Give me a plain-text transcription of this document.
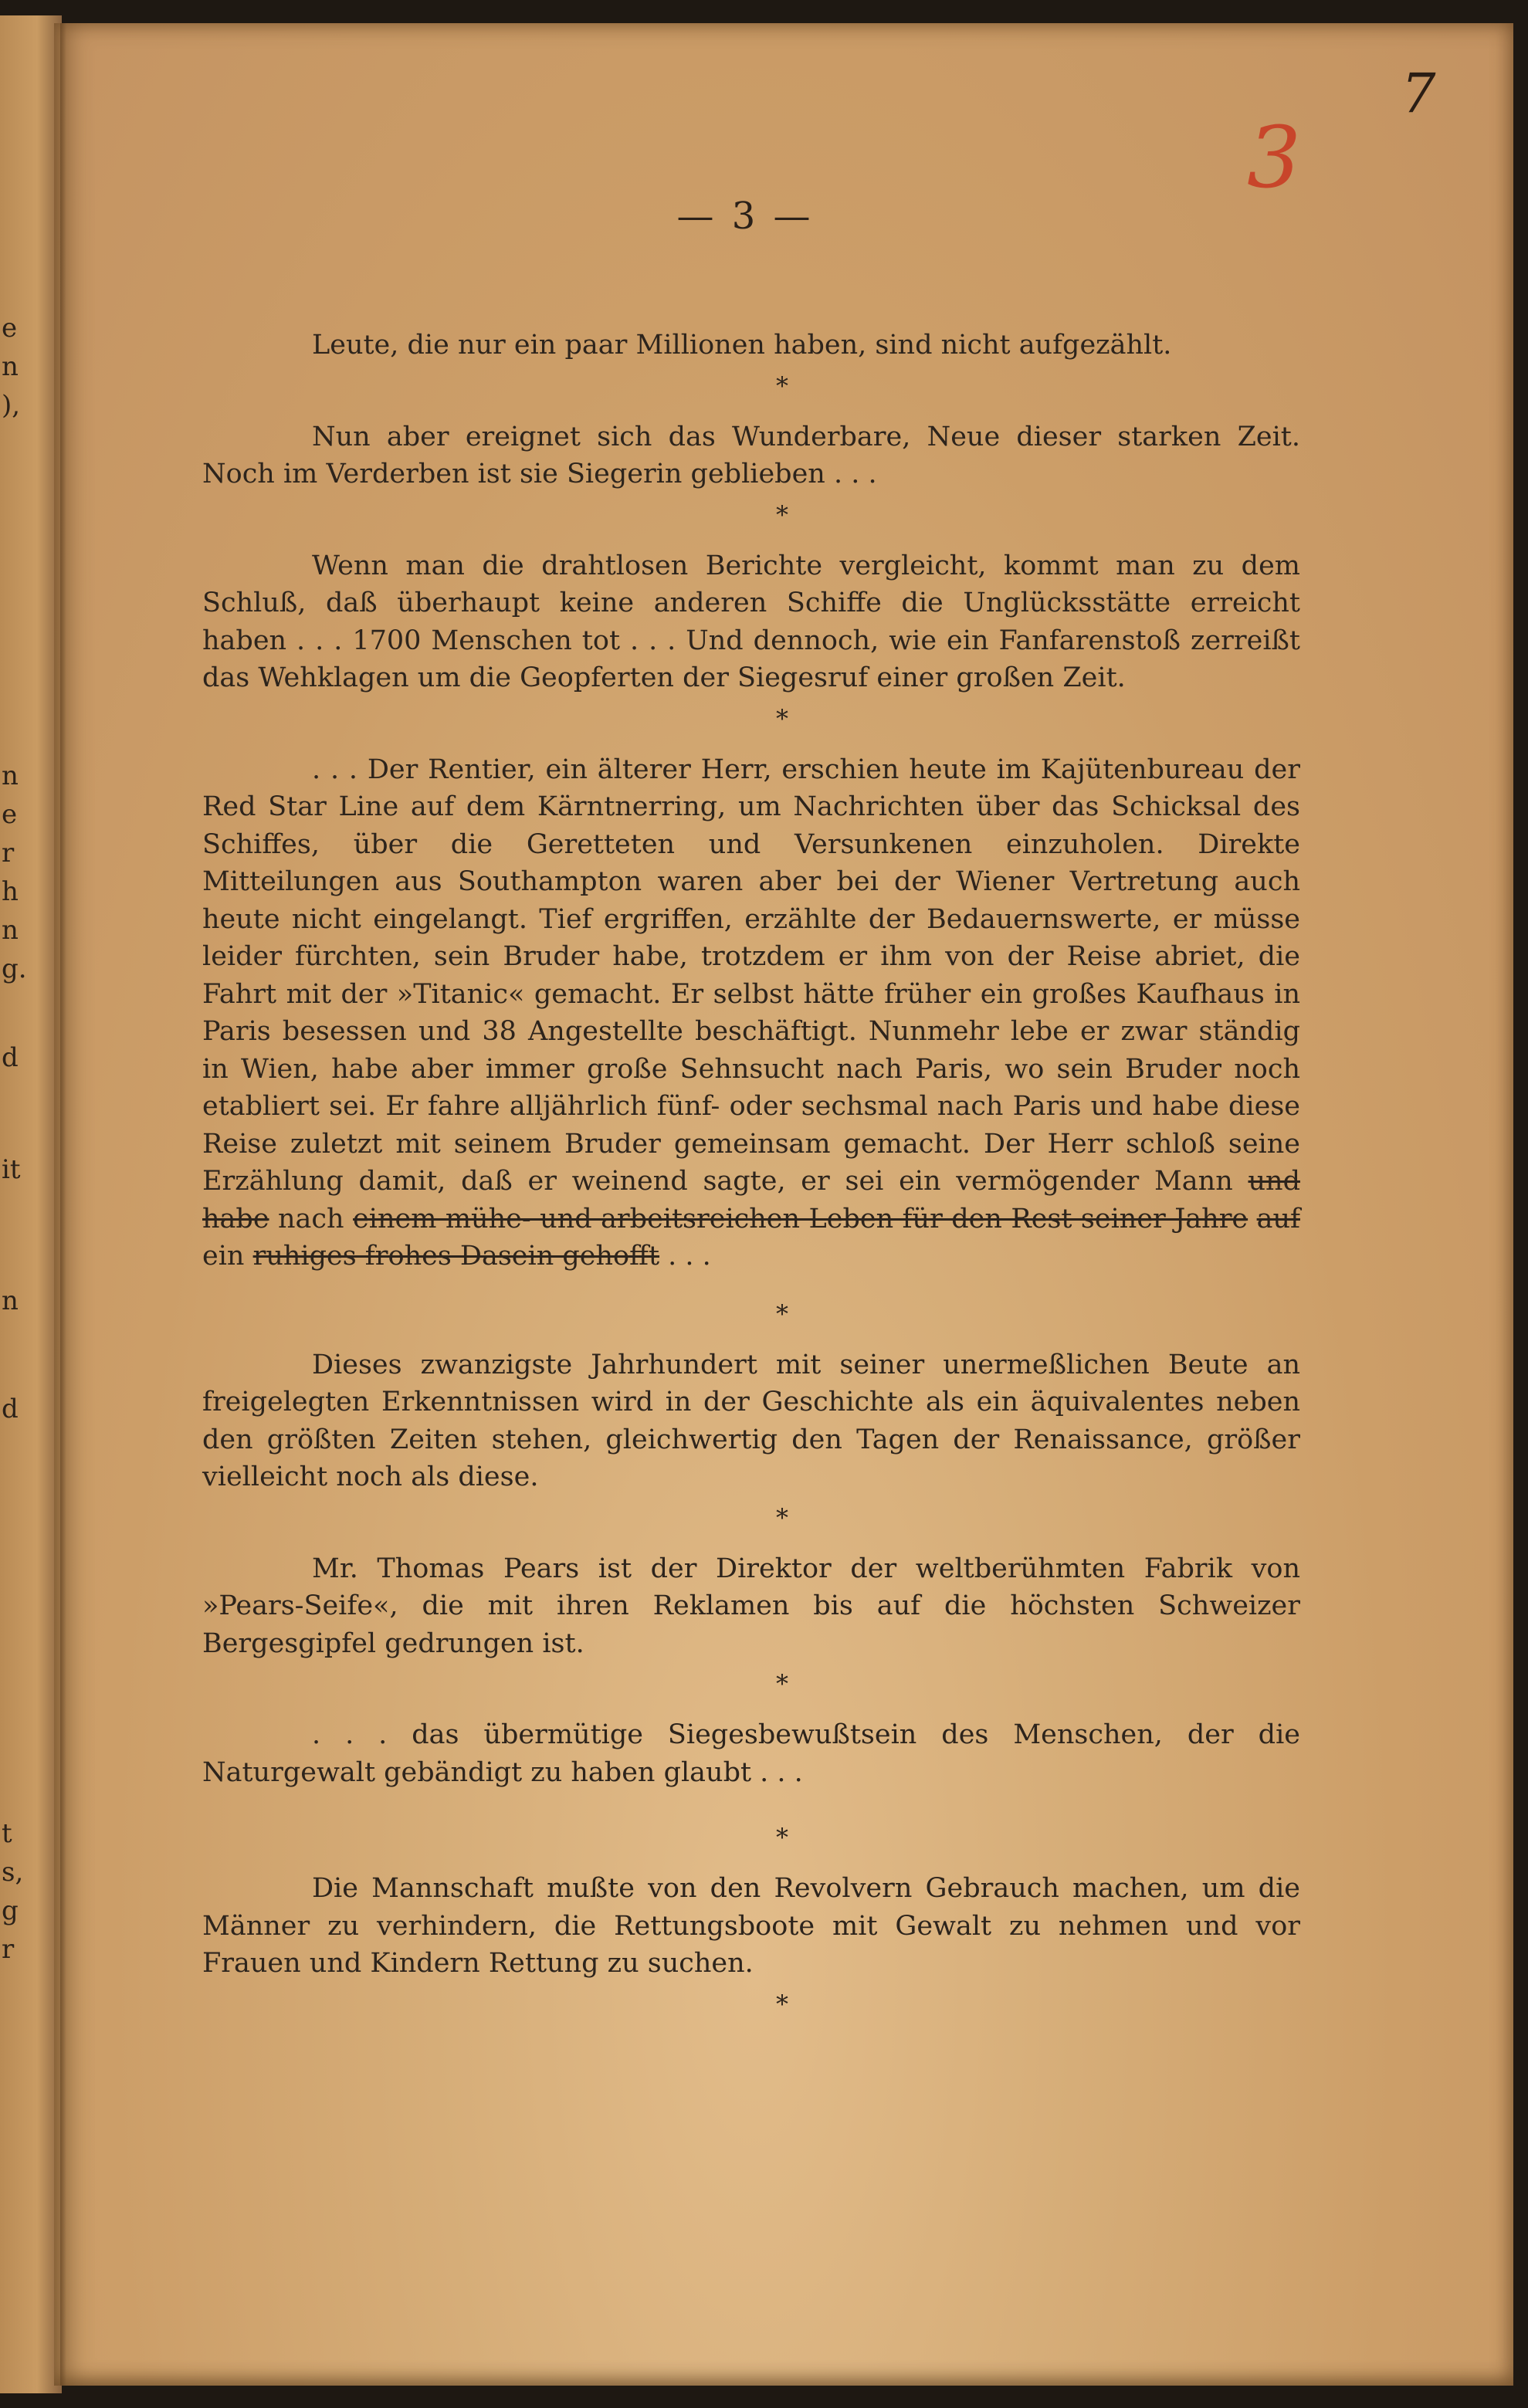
e
n
),
n
e
r
h
n
g.
d
it
n
d
t
s,
g
r
— 3 —

Leute, die nur ein paar Millionen haben, sind nicht aufgezählt.

*

Nun aber ereignet sich das Wunderbare, Neue dieser starken Zeit. Noch im Verderben ist sie Siegerin geblieben . . .

*

Wenn man die drahtlosen Berichte vergleicht, kommt man zu dem Schluß, daß überhaupt keine anderen Schiffe die Unglücksstätte erreicht haben . . . 1700 Menschen tot . . . Und dennoch, wie ein Fanfarenstoß zerreißt das Wehklagen um die Geopferten der Siegesruf einer großen Zeit.

*

. . . Der Rentier, ein älterer Herr, erschien heute im Kajütenbureau der Red Star Line auf dem Kärntnerring, um Nachrichten über das Schicksal des Schiffes, über die Geretteten und Versunkenen einzuholen. Direkte Mitteilungen aus Southampton waren aber bei der Wiener Vertretung auch heute nicht eingelangt. Tief ergriffen, erzählte der Bedauernswerte, er müsse leider fürchten, sein Bruder habe, trotzdem er ihm von der Reise abriet, die Fahrt mit der »Titanic« gemacht. Er selbst hätte früher ein großes Kaufhaus in Paris besessen und 38 Angestellte beschäftigt. Nunmehr lebe er zwar ständig in Wien, habe aber immer große Sehnsucht nach Paris, wo sein Bruder noch etabliert sei. Er fahre alljährlich fünf- oder sechsmal nach Paris und habe diese Reise zuletzt mit seinem Bruder gemeinsam gemacht. Der Herr schloß seine Erzählung damit, daß er weinend sagte, er sei ein vermögender Mann und habe nach einem mühe- und arbeitsreichen Leben für den Rest seiner Jahre auf ein ruhiges frohes Dasein gehofft . . .

*

Dieses zwanzigste Jahrhundert mit seiner unermeßlichen Beute an freigelegten Erkenntnissen wird in der Geschichte als ein äquivalentes neben den größten Zeiten stehen, gleichwertig den Tagen der Renaissance, größer vielleicht noch als diese.

*

Mr. Thomas Pears ist der Direktor der weltberühmten Fabrik von »Pears-Seife«, die mit ihren Reklamen bis auf die höchsten Schweizer Bergesgipfel gedrungen ist.

*

. . . das übermütige Siegesbewußtsein des Menschen, der die Naturgewalt gebändigt zu haben glaubt . . .

*

Die Mannschaft mußte von den Revolvern Gebrauch machen, um die Männer zu verhindern, die Rettungsboote mit Gewalt zu nehmen und vor Frauen und Kindern Rettung zu suchen.

*
7
3
